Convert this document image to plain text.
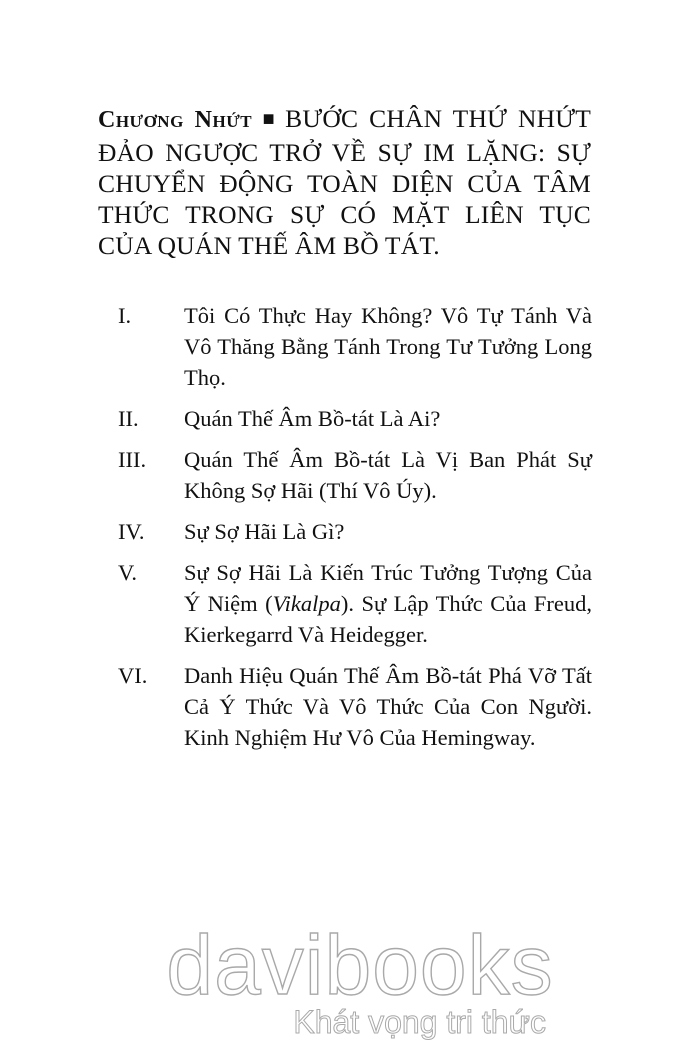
Chương Nhứt ■ BƯỚC CHÂN THỨ NHỨT ĐẢO NGƯỢC TRỞ VỀ SỰ IM LẶNG: SỰ CHUYỂN ĐỘNG TOÀN DIỆN CỦA TÂM THỨC TRONG SỰ CÓ MẶT LIÊN TỤC CỦA QUÁN THẾ ÂM BỒ TÁT.
I.	Tôi Có Thực Hay Không? Vô Tự Tánh Và Vô Thăng Bằng Tánh Trong Tư Tưởng Long Thọ.
II.	Quán Thế Âm Bồ-tát Là Ai?
III.	Quán Thế Âm Bồ-tát Là Vị Ban Phát Sự Không Sợ Hãi (Thí Vô Úy).
IV.	Sự Sợ Hãi Là Gì?
V.	Sự Sợ Hãi Là Kiến Trúc Tưởng Tượng Của Ý Niệm (Vikalpa). Sự Lập Thức Của Freud, Kierkegarrd Và Heidegger.
VI.	Danh Hiệu Quán Thế Âm Bồ-tát Phá Vỡ Tất Cả Ý Thức Và Vô Thức Của Con Người. Kinh Nghiệm Hư Vô Của Hemingway.
davibooks
Khát vọng tri thức
